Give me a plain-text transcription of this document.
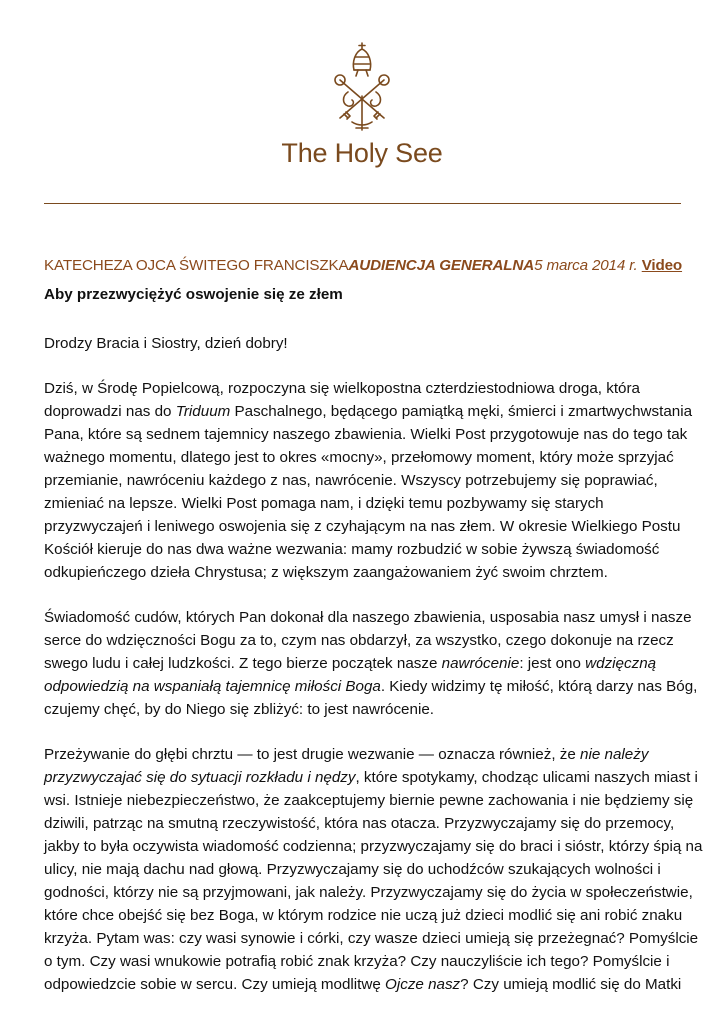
The Holy See

KATECHEZA OJCA ŚWITEGO FRANCISZKAAUDIENCJA GENERALNA5 marca 2014 r. Video

Aby przezwyciężyć oswojenie się ze złem

Drodzy Bracia i Siostry, dzień dobry!

Dziś, w Środę Popielcową, rozpoczyna się wielkopostna czterdziestodniowa droga, która
doprowadzi nas do Triduum Paschalnego, będącego pamiątką męki, śmierci i zmartwychwstania
Pana, które są sednem tajemnicy naszego zbawienia. Wielki Post przygotowuje nas do tego tak
ważnego momentu, dlatego jest to okres «mocny», przełomowy moment, który może sprzyjać
przemianie, nawróceniu każdego z nas, nawrócenie. Wszyscy potrzebujemy się poprawiać,
zmieniać na lepsze. Wielki Post pomaga nam, i dzięki temu pozbywamy się starych
przyzwyczajeń i leniwego oswojenia się z czyhającym na nas złem. W okresie Wielkiego Postu
Kościół kieruje do nas dwa ważne wezwania: mamy rozbudzić w sobie żywszą świadomość
odkupieńczego dzieła Chrystusa; z większym zaangażowaniem żyć swoim chrztem.

Świadomość cudów, których Pan dokonał dla naszego zbawienia, usposabia nasz umysł i nasze
serce do wdzięczności Bogu za to, czym nas obdarzył, za wszystko, czego dokonuje na rzecz
swego ludu i całej ludzkości. Z tego bierze początek nasze nawrócenie: jest ono wdzięczną
odpowiedzią na wspaniałą tajemnicę miłości Boga. Kiedy widzimy tę miłość, którą darzy nas Bóg,
czujemy chęć, by do Niego się zbliżyć: to jest nawrócenie.

Przeżywanie do głębi chrztu — to jest drugie wezwanie — oznacza również, że nie należy
przyzwyczajać się do sytuacji rozkładu i nędzy, które spotykamy, chodząc ulicami naszych miast i
wsi. Istnieje niebezpieczeństwo, że zaakceptujemy biernie pewne zachowania i nie będziemy się
dziwili, patrząc na smutną rzeczywistość, która nas otacza. Przyzwyczajamy się do przemocy,
jakby to była oczywista wiadomość codzienna; przyzwyczajamy się do braci i sióstr, którzy śpią na
ulicy, nie mają dachu nad głową. Przyzwyczajamy się do uchodźców szukających wolności i
godności, którzy nie są przyjmowani, jak należy. Przyzwyczajamy się do życia w społeczeństwie,
które chce obejść się bez Boga, w którym rodzice nie uczą już dzieci modlić się ani robić znaku
krzyża. Pytam was: czy wasi synowie i córki, czy wasze dzieci umieją się przeżegnać? Pomyślcie
o tym. Czy wasi wnukowie potrafią robić znak krzyża? Czy nauczyliście ich tego? Pomyślcie i
odpowiedzcie sobie w sercu. Czy umieją modlitwę Ojcze nasz? Czy umieją modlić się do Matki
